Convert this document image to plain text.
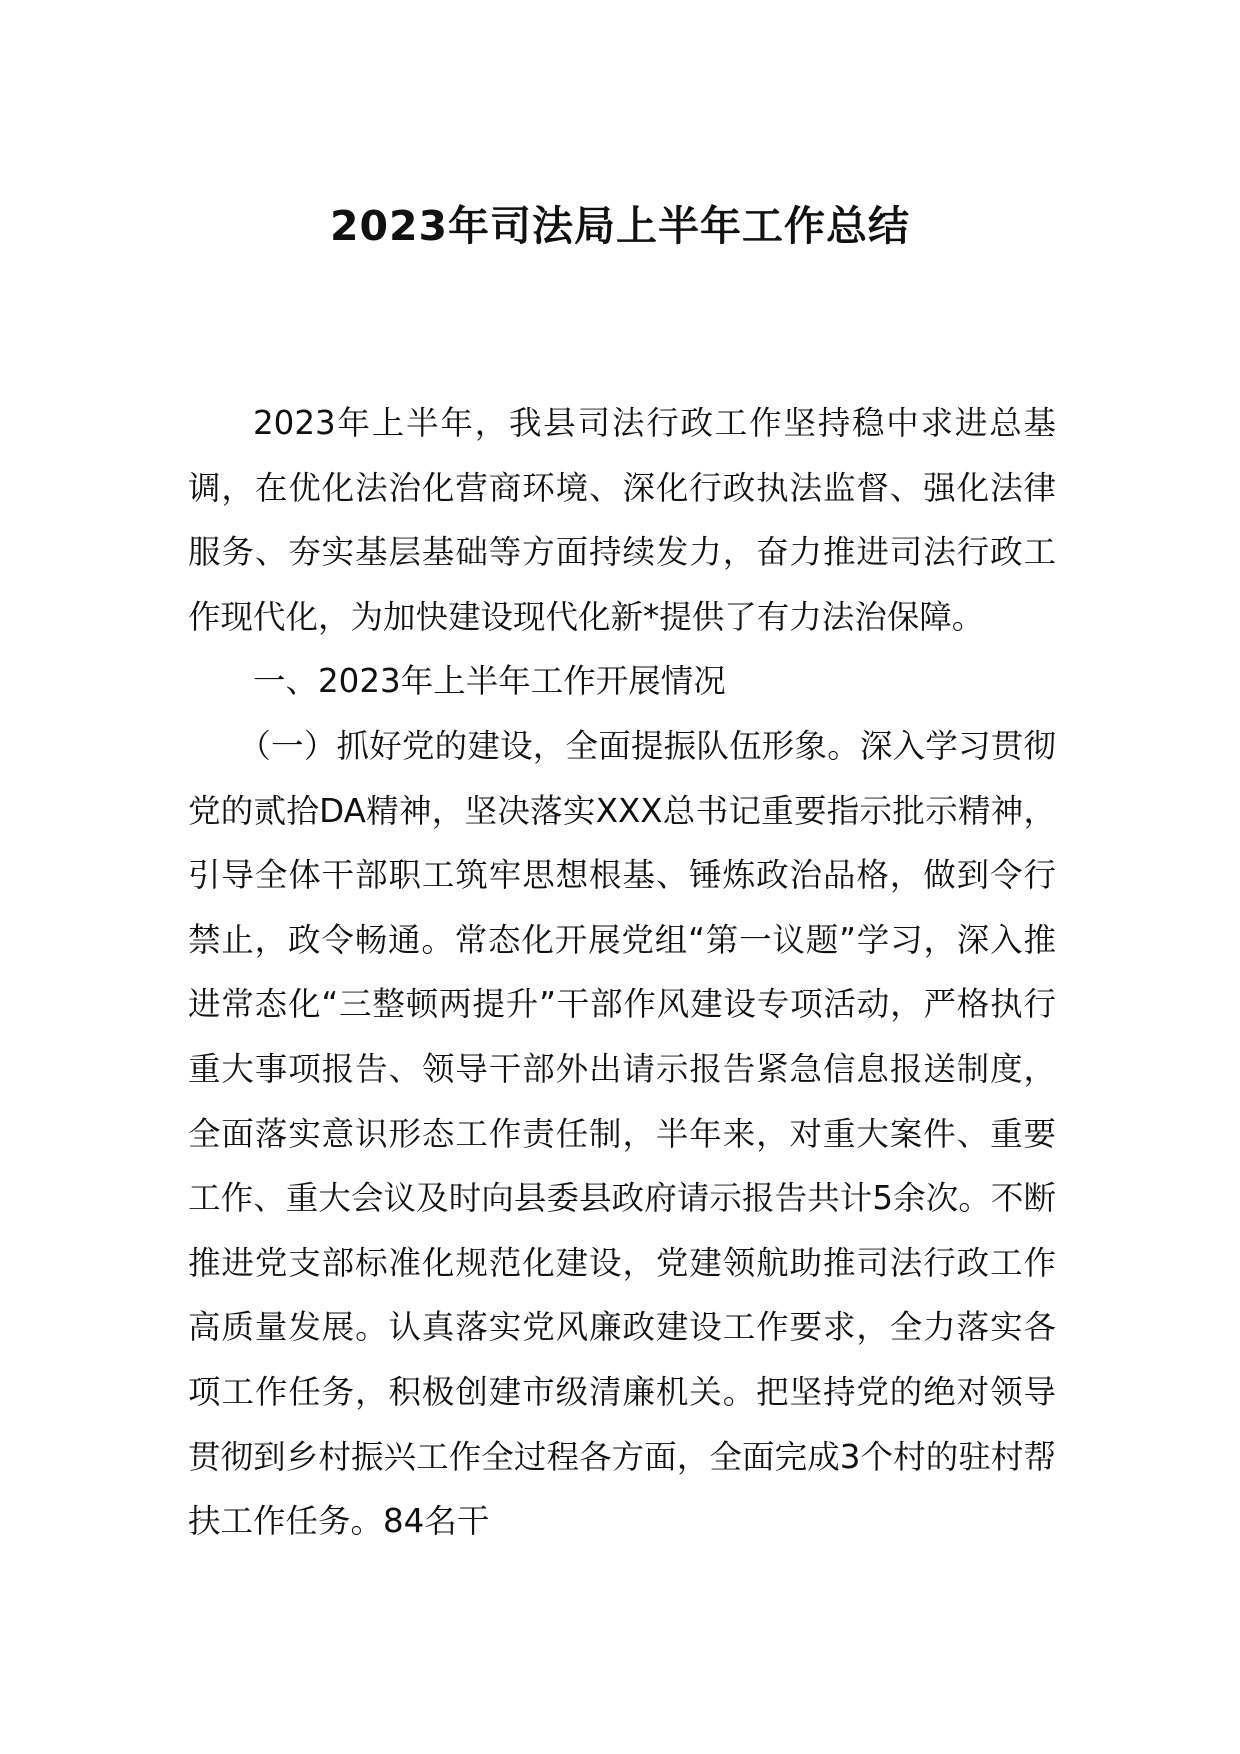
2023年司法局上半年工作总结

2023年上半年，我县司法行政工作坚持稳中求进总基调，在优化法治化营商环境、深化行政执法监督、强化法律服务、夯实基层基础等方面持续发力，奋力推进司法行政工作现代化，为加快建设现代化新*提供了有力法治保障。

一、2023年上半年工作开展情况

（一）抓好党的建设，全面提振队伍形象。深入学习贯彻党的贰拾DA精神，坚决落实XXX总书记重要指示批示精神，引导全体干部职工筑牢思想根基、锤炼政治品格，做到令行禁止，政令畅通。常态化开展党组“第一议题”学习，深入推进常态化“三整顿两提升”干部作风建设专项活动，严格执行重大事项报告、领导干部外出请示报告紧急信息报送制度，全面落实意识形态工作责任制，半年来，对重大案件、重要工作、重大会议及时向县委县政府请示报告共计5余次。不断推进党支部标准化规范化建设，党建领航助推司法行政工作高质量发展。认真落实党风廉政建设工作要求，全力落实各项工作任务，积极创建市级清廉机关。把坚持党的绝对领导贯彻到乡村振兴工作全过程各方面，全面完成3个村的驻村帮扶工作任务。84名干
